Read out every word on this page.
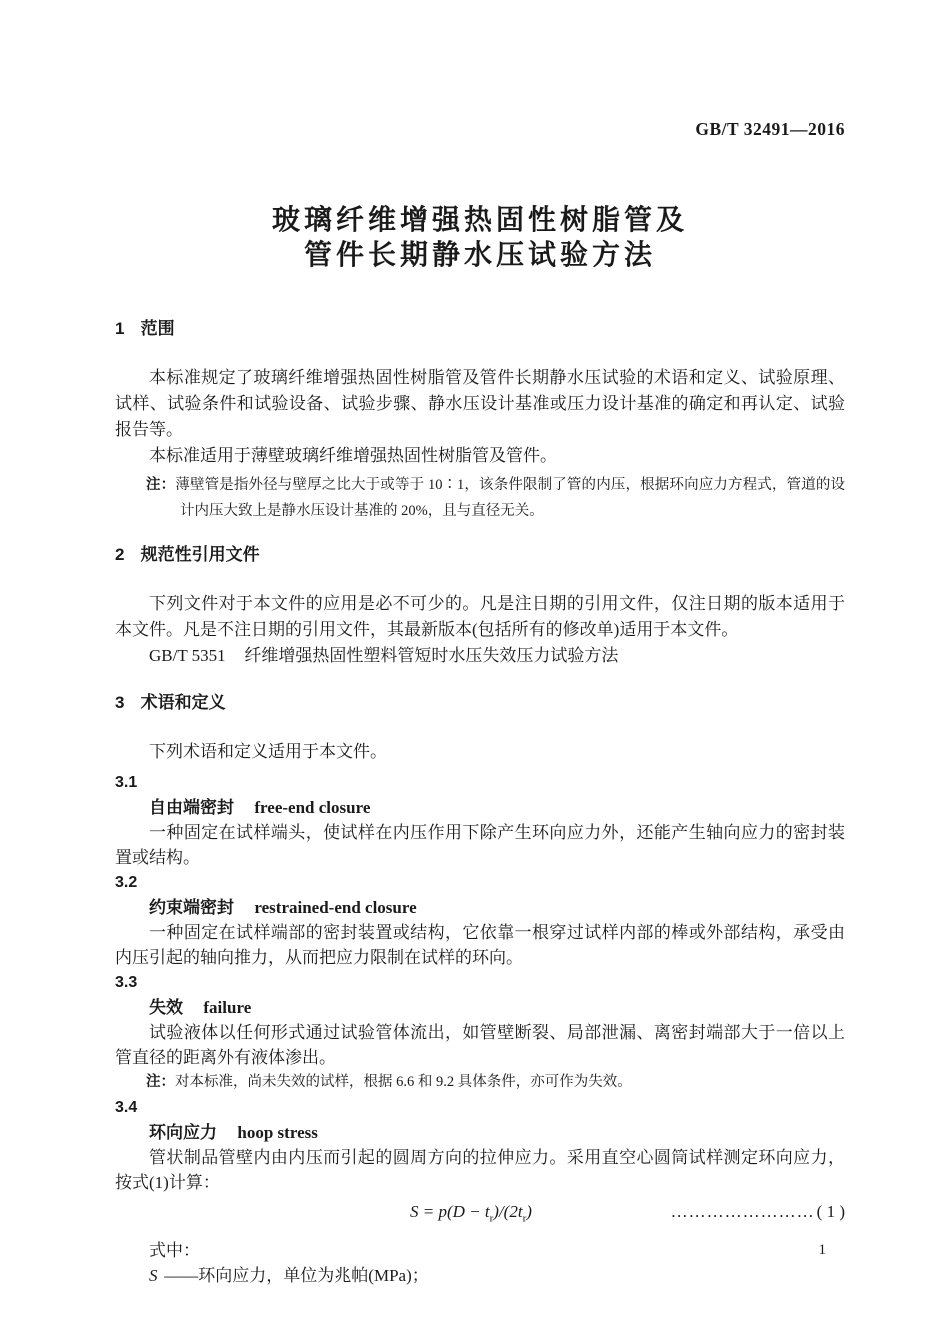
GB/T 32491—2016
玻璃纤维增强热固性树脂管及
管件长期静水压试验方法
1 范围

本标准规定了玻璃纤维增强热固性树脂管及管件长期静水压试验的术语和定义、试验原理、试样、试验条件和试验设备、试验步骤、静水压设计基准或压力设计基准的确定和再认定、试验报告等。

本标准适用于薄壁玻璃纤维增强热固性树脂管及管件。

注：薄壁管是指外径与壁厚之比大于或等于 10∶1，该条件限制了管的内压，根据环向应力方程式，管道的设计内压大致上是静水压设计基准的 20%，且与直径无关。
2 规范性引用文件

下列文件对于本文件的应用是必不可少的。凡是注日期的引用文件，仅注日期的版本适用于本文件。凡是不注日期的引用文件，其最新版本(包括所有的修改单)适用于本文件。

GB/T 5351 纤维增强热固性塑料管短时水压失效压力试验方法

3 术语和定义

下列术语和定义适用于本文件。

3.1
自由端密封 free-end closure

一种固定在试样端头，使试样在内压作用下除产生环向应力外，还能产生轴向应力的密封装置或结构。

3.2
约束端密封 restrained-end closure

一种固定在试样端部的密封装置或结构，它依靠一根穿过试样内部的棒或外部结构，承受由内压引起的轴向推力，从而把应力限制在试样的环向。

3.3
失效 failure

试验液体以任何形式通过试验管体流出，如管壁断裂、局部泄漏、离密封端部大于一倍以上管直径的距离外有液体渗出。

注：对本标准，尚未失效的试样，根据 6.6 和 9.2 具体条件，亦可作为失效。
3.4
环向应力 hoop stress

管状制品管壁内由内压而引起的圆周方向的拉伸应力。采用直空心圆筒试样测定环向应力，按式(1)计算：

$S = p(D - t_r)/(2t_r)$	…………………… ( 1 )

式中：

S ——环向应力，单位为兆帕(MPa)；

1
